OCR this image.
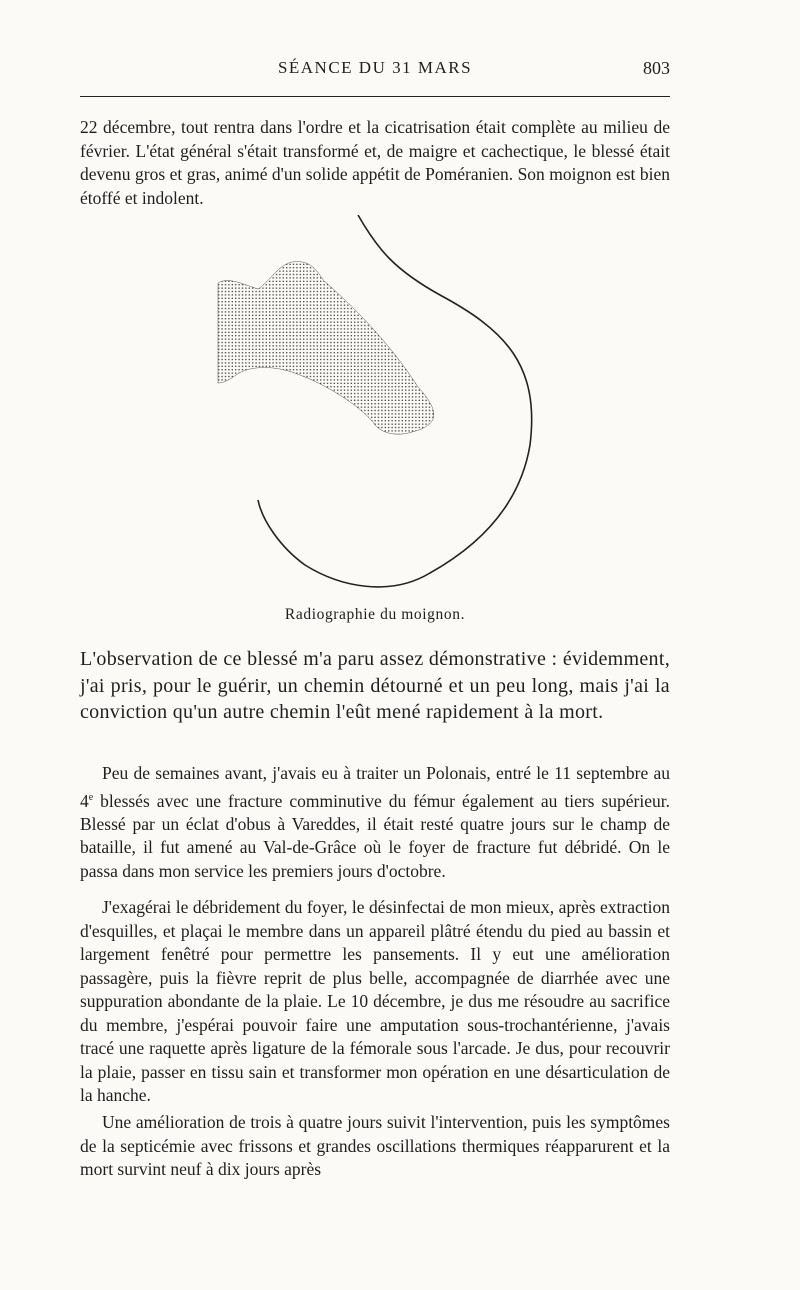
SÉANCE DU 31 MARS	803

22 décembre, tout rentra dans l'ordre et la cicatrisation était complète au milieu de février. L'état général s'était transformé et, de maigre et cachectique, le blessé était devenu gros et gras, animé d'un solide appétit de Poméranien. Son moignon est bien étoffé et indolent.

Radiographie du moignon.

L'observation de ce blessé m'a paru assez démonstrative : évidemment, j'ai pris, pour le guérir, un chemin détourné et un peu long, mais j'ai la conviction qu'un autre chemin l'eût mené rapidement à la mort.

Peu de semaines avant, j'avais eu à traiter un Polonais, entré le 11 septembre au 4e blessés avec une fracture comminutive du fémur également au tiers supérieur. Blessé par un éclat d'obus à Vareddes, il était resté quatre jours sur le champ de bataille, il fut amené au Val-de-Grâce où le foyer de fracture fut débridé. On le passa dans mon service les premiers jours d'octobre.

J'exagérai le débridement du foyer, le désinfectai de mon mieux, après extraction d'esquilles, et plaçai le membre dans un appareil plâtré étendu du pied au bassin et largement fenêtré pour permettre les pansements. Il y eut une amélioration passagère, puis la fièvre reprit de plus belle, accompagnée de diarrhée avec une suppuration abondante de la plaie. Le 10 décembre, je dus me résoudre au sacrifice du membre, j'espérai pouvoir faire une amputation sous-trochantérienne, j'avais tracé une raquette après ligature de la fémorale sous l'arcade. Je dus, pour recouvrir la plaie, passer en tissu sain et transformer mon opération en une désarticulation de la hanche.

Une amélioration de trois à quatre jours suivit l'intervention, puis les symptômes de la septicémie avec frissons et grandes oscillations thermiques réapparurent et la mort survint neuf à dix jours après
